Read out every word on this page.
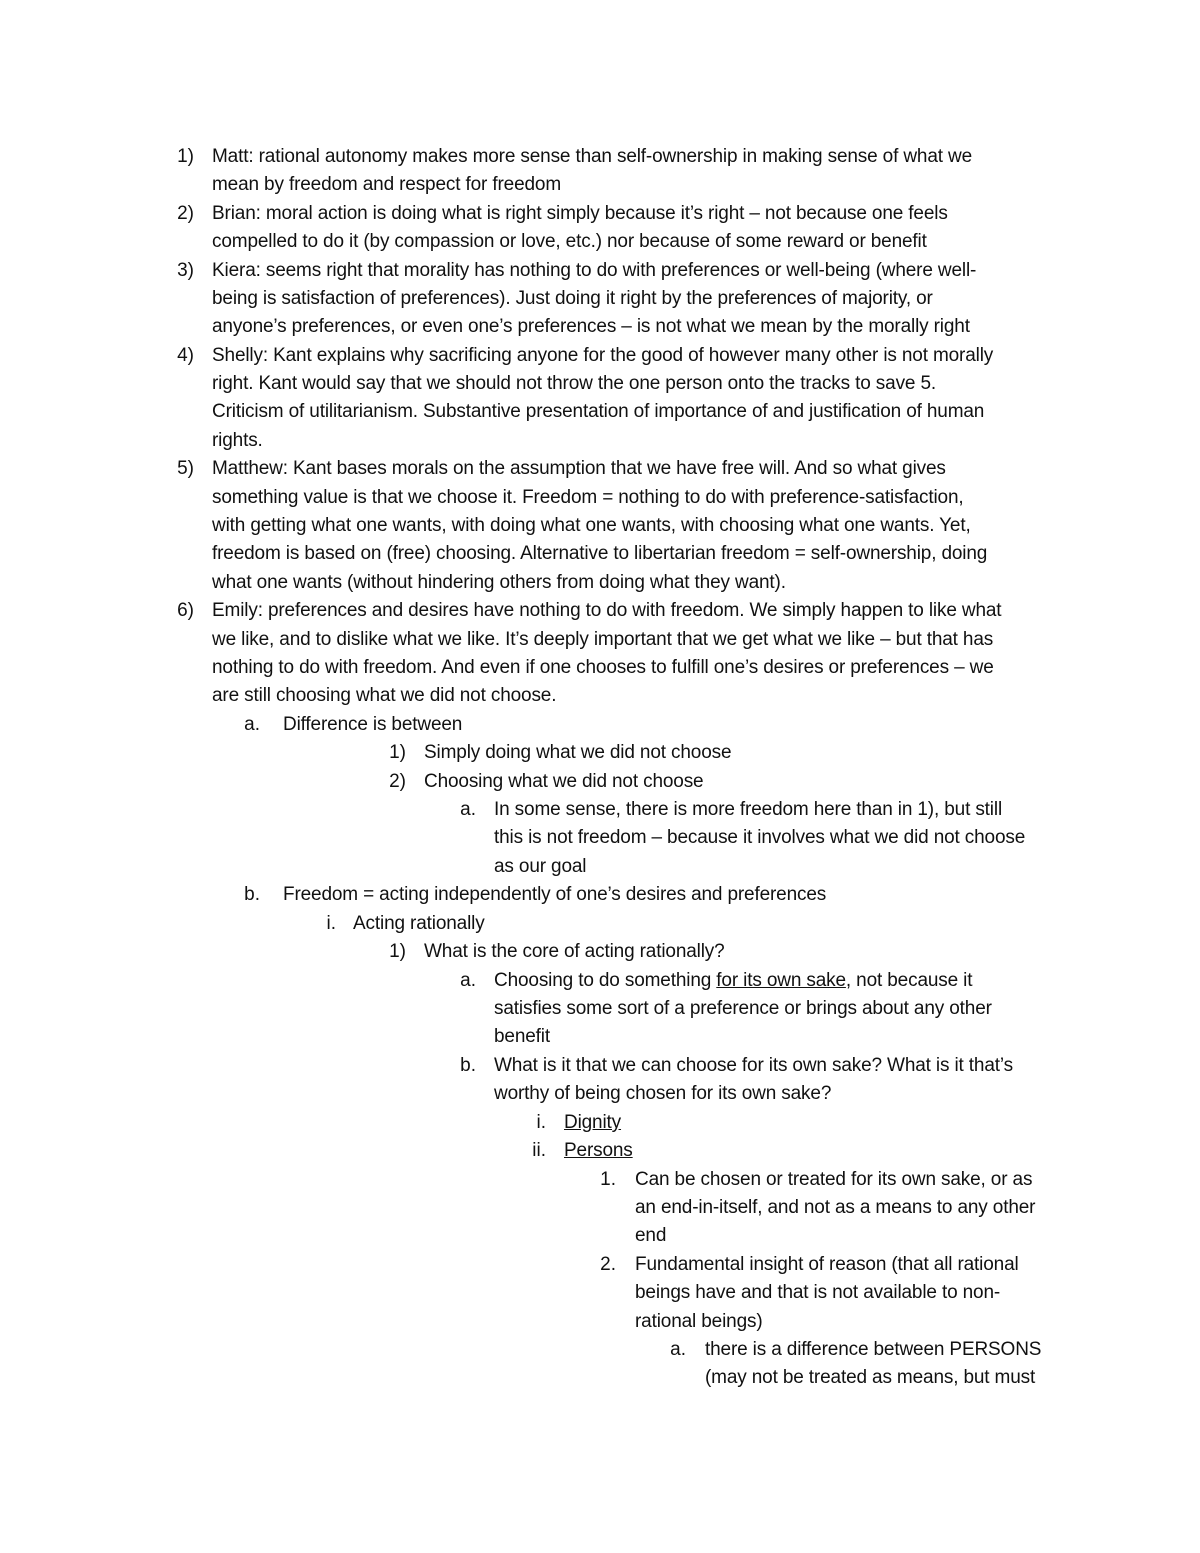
1) Matt: rational autonomy makes more sense than self-ownership in making sense of what we
mean by freedom and respect for freedom
2) Brian: moral action is doing what is right simply because it’s right – not because one feels
compelled to do it (by compassion or love, etc.) nor because of some reward or benefit
3) Kiera: seems right that morality has nothing to do with preferences or well-being (where well-
being is satisfaction of preferences). Just doing it right by the preferences of majority, or
anyone’s preferences, or even one’s preferences – is not what we mean by the morally right
4) Shelly: Kant explains why sacrificing anyone for the good of however many other is not morally
right. Kant would say that we should not throw the one person onto the tracks to save 5.
Criticism of utilitarianism. Substantive presentation of importance of and justification of human
rights.
5) Matthew: Kant bases morals on the assumption that we have free will. And so what gives
something value is that we choose it. Freedom = nothing to do with preference-satisfaction,
with getting what one wants, with doing what one wants, with choosing what one wants. Yet,
freedom is based on (free) choosing. Alternative to libertarian freedom = self-ownership, doing
what one wants (without hindering others from doing what they want).
6) Emily: preferences and desires have nothing to do with freedom. We simply happen to like what
we like, and to dislike what we like. It’s deeply important that we get what we like – but that has
nothing to do with freedom. And even if one chooses to fulfill one’s desires or preferences – we
are still choosing what we did not choose.
a. Difference is between
1) Simply doing what we did not choose
2) Choosing what we did not choose
a. In some sense, there is more freedom here than in 1), but still
this is not freedom – because it involves what we did not choose
as our goal
b. Freedom = acting independently of one’s desires and preferences
i. Acting rationally
1) What is the core of acting rationally?
a. Choosing to do something for its own sake, not because it
satisfies some sort of a preference or brings about any other
benefit
b. What is it that we can choose for its own sake? What is it that’s
worthy of being chosen for its own sake?
i. Dignity
ii. Persons
1. Can be chosen or treated for its own sake, or as
an end-in-itself, and not as a means to any other
end
2. Fundamental insight of reason (that all rational
beings have and that is not available to non-
rational beings)
a. there is a difference between PERSONS
(may not be treated as means, but must
